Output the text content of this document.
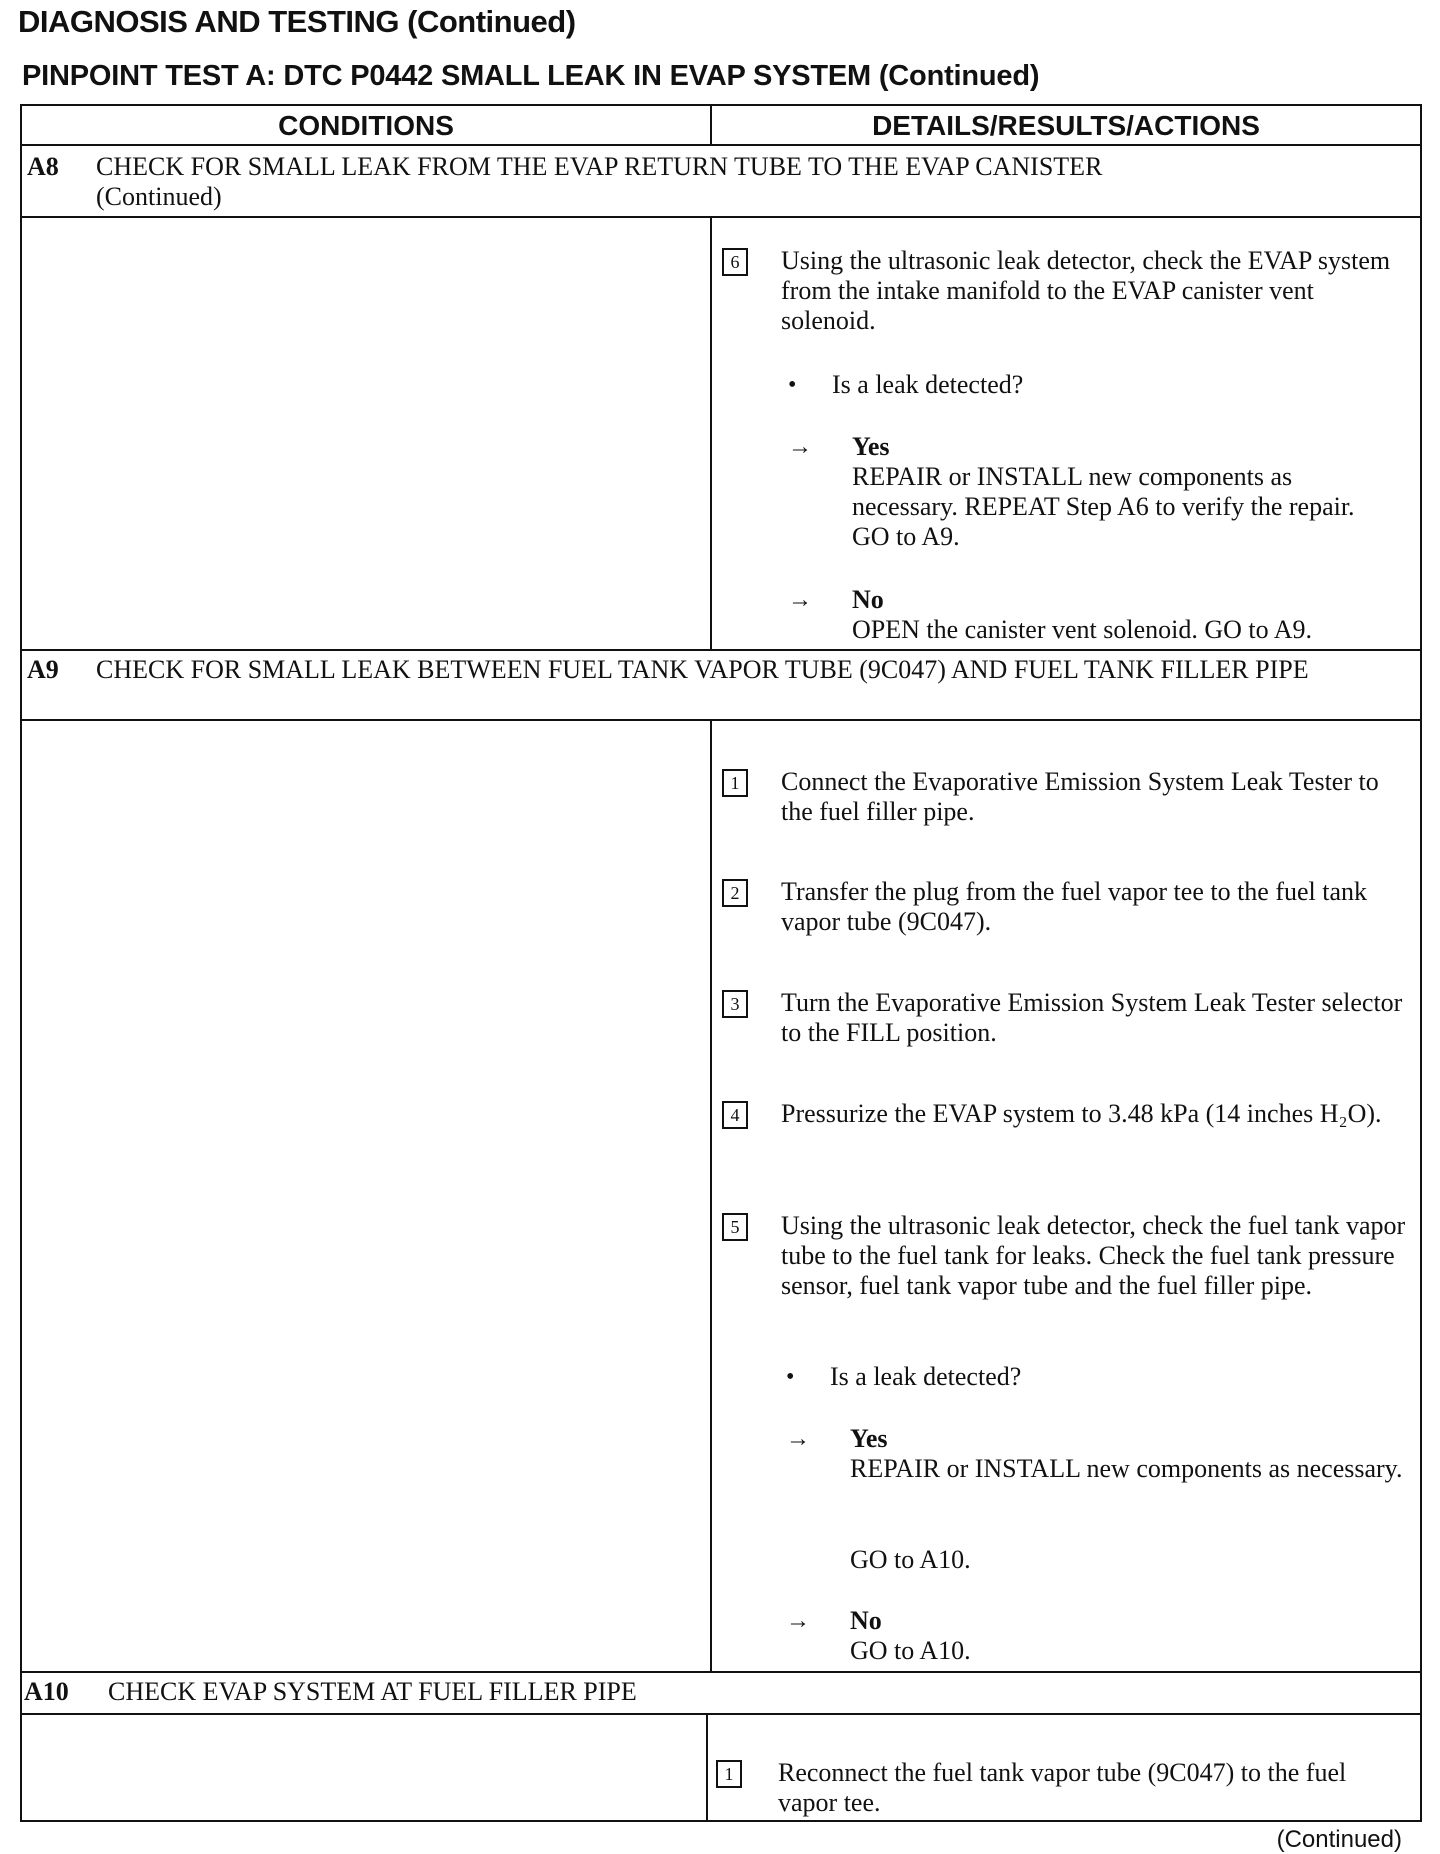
DIAGNOSIS AND TESTING (Continued)
PINPOINT TEST A: DTC P0442 SMALL LEAK IN EVAP SYSTEM (Continued)
CONDITIONS	DETAILS/RESULTS/ACTIONS
A8 CHECK FOR SMALL LEAK FROM THE EVAP RETURN TUBE TO THE EVAP CANISTER
(Continued)
6	Using the ultrasonic leak detector, check the EVAP system from the intake manifold to the EVAP canister vent solenoid.
• Is a leak detected?
→ Yes
REPAIR or INSTALL new components as necessary. REPEAT Step A6 to verify the repair. GO to A9.
→ No
OPEN the canister vent solenoid. GO to A9.
A9 CHECK FOR SMALL LEAK BETWEEN FUEL TANK VAPOR TUBE (9C047) AND FUEL TANK FILLER PIPE
1	Connect the Evaporative Emission System Leak Tester to the fuel filler pipe.
2	Transfer the plug from the fuel vapor tee to the fuel tank vapor tube (9C047).
3	Turn the Evaporative Emission System Leak Tester selector to the FILL position.
4	Pressurize the EVAP system to 3.48 kPa (14 inches H₂O).
5	Using the ultrasonic leak detector, check the fuel tank vapor tube to the fuel tank for leaks. Check the fuel tank pressure sensor, fuel tank vapor tube and the fuel filler pipe.
• Is a leak detected?
→ Yes
REPAIR or INSTALL new components as necessary.
GO to A10.
→ No
GO to A10.
A10 CHECK EVAP SYSTEM AT FUEL FILLER PIPE
1	Reconnect the fuel tank vapor tube (9C047) to the fuel vapor tee.
(Continued)
